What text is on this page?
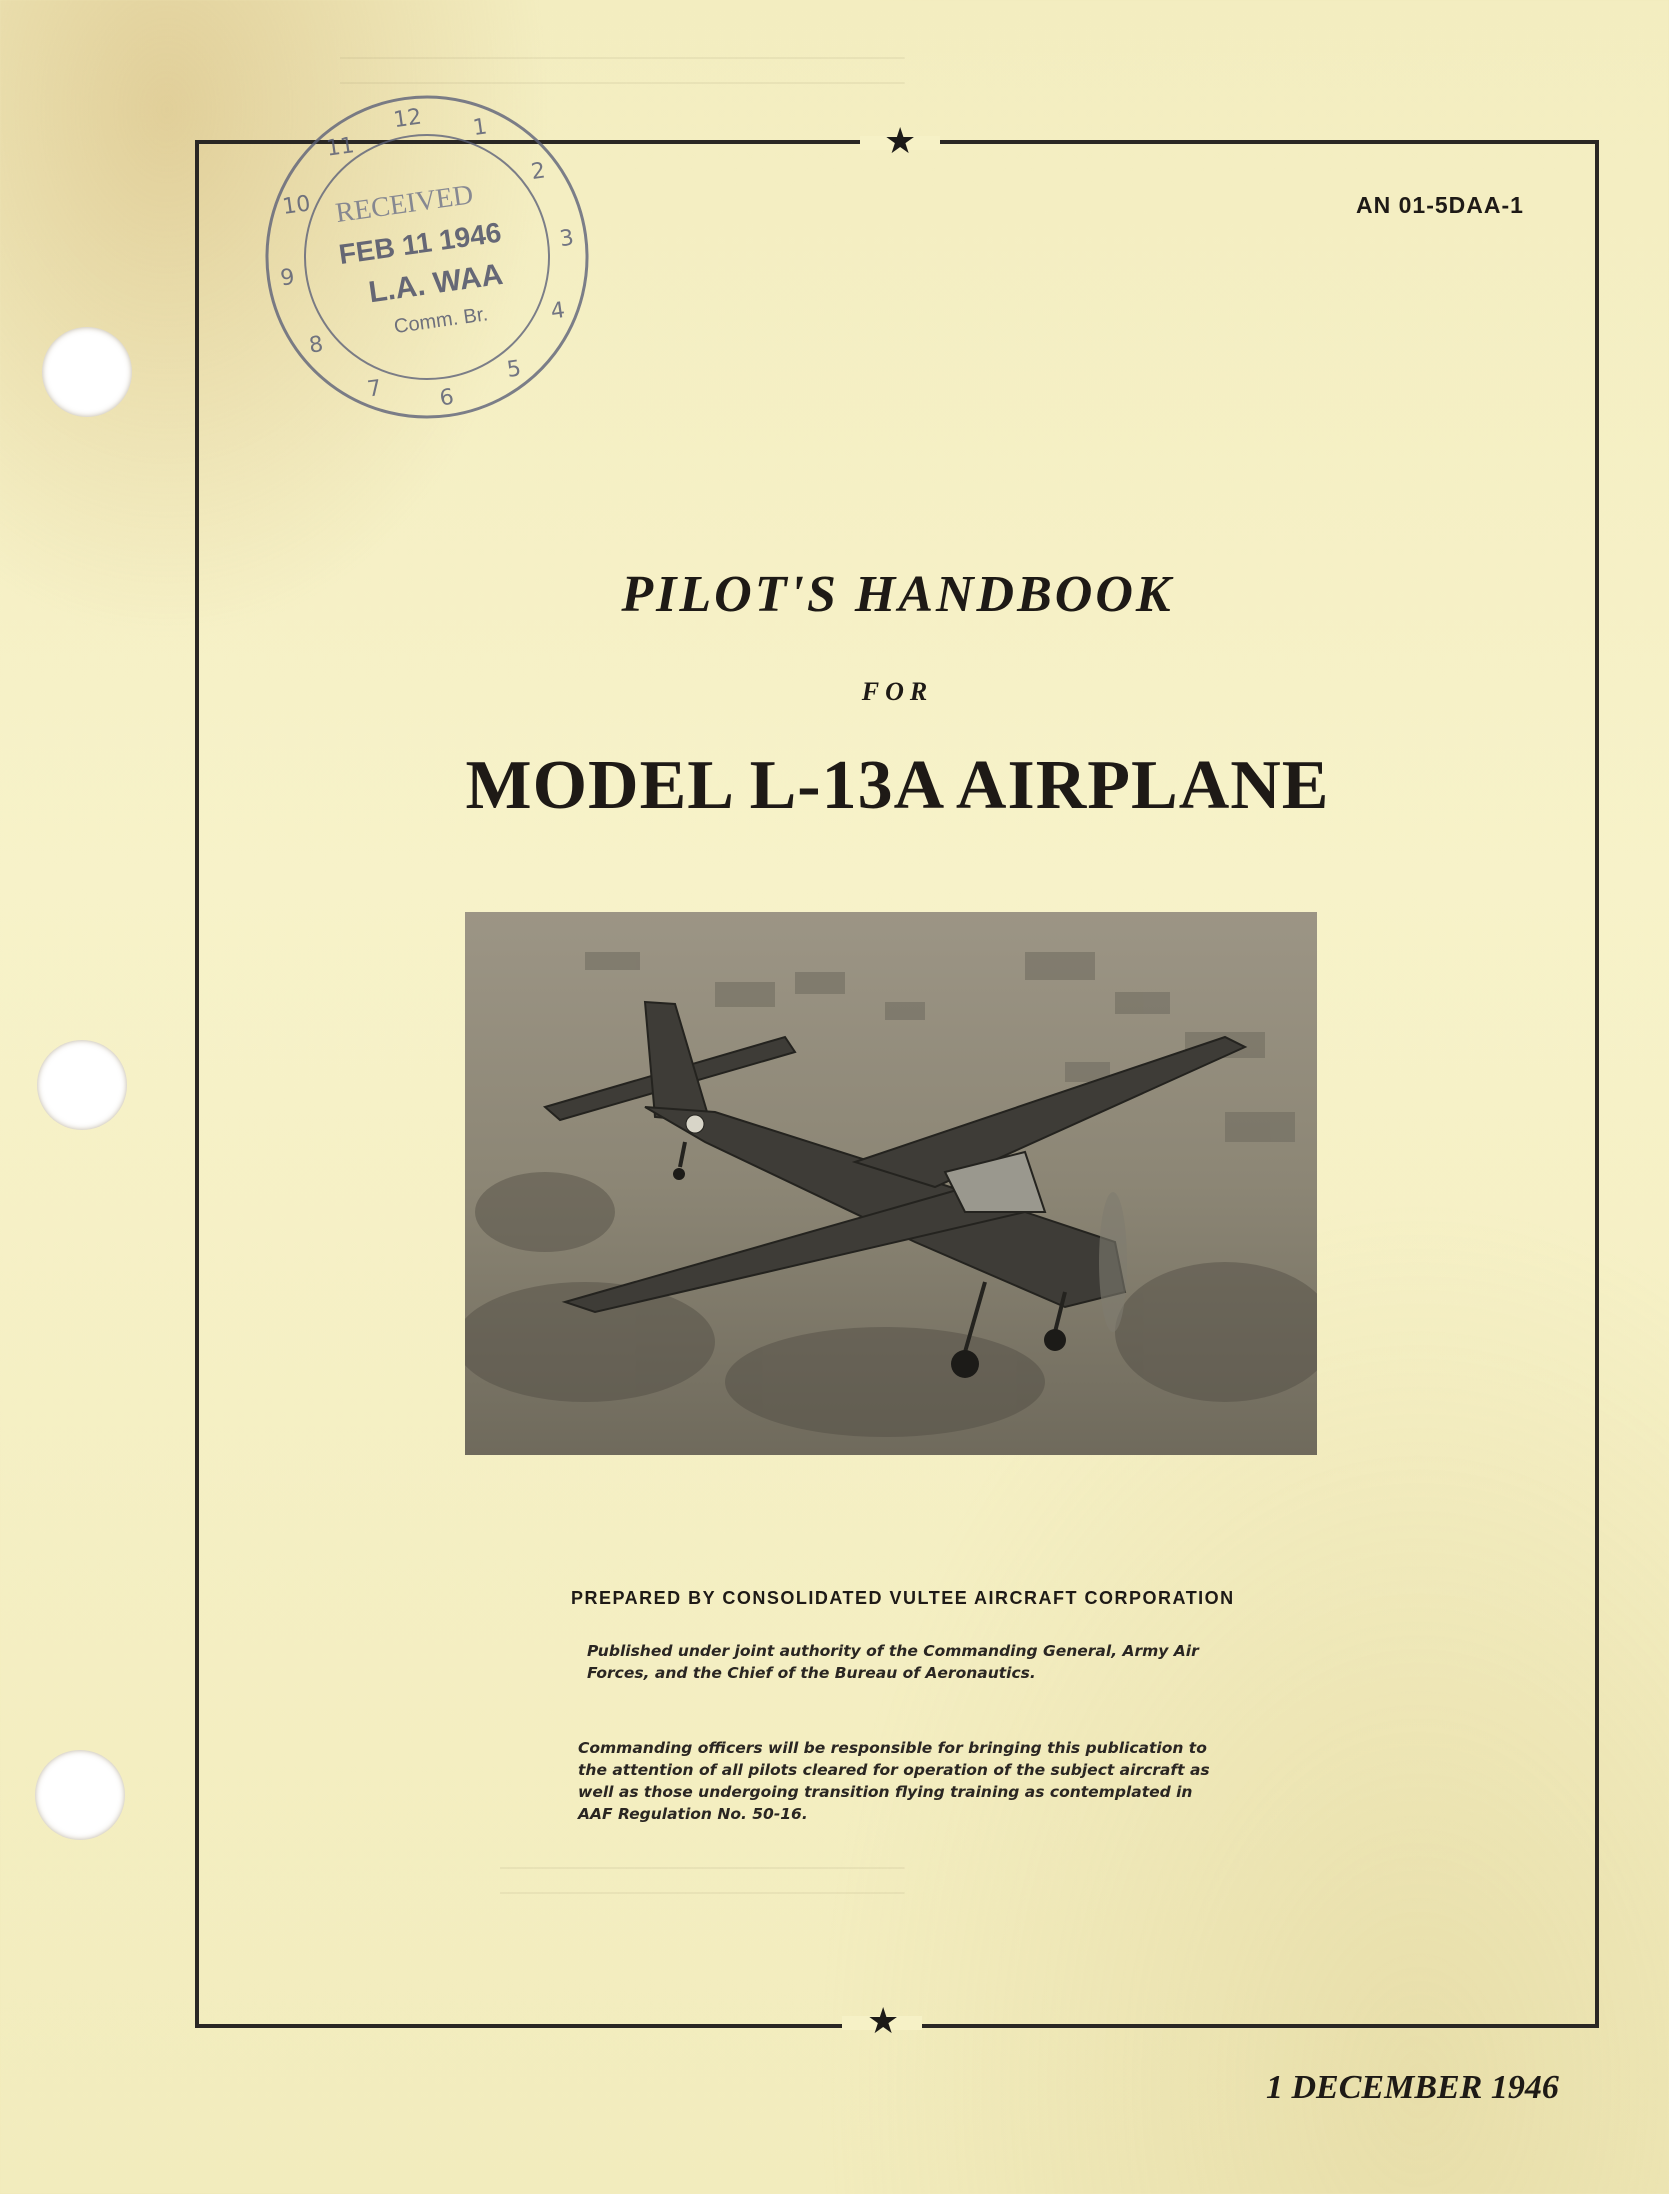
―――――――――――――――――――――――――――――――――――――――――――――――――――――――――――――――――――
―――――――――――――――――――――――――――――――――――――――――――――――――――――――――――――――――――
――――――――――――――――――――――――――――――――――――――――――――――――
――――――――――――――――――――――――――――――――――――――――――――――――
★
★
12 1
2
3
4
5
6
7
8
9
10
11
RECEIVED
FEB 11 1946
L.A. WAA
Comm. Br.
AN 01-5DAA-1
PILOT'S HANDBOOK
FOR
MODEL L-13A AIRPLANE
PREPARED BY CONSOLIDATED VULTEE AIRCRAFT CORPORATION
Published under joint authority of the Commanding General, Army Air Forces, and the Chief of the Bureau of Aeronautics.
Commanding officers will be responsible for bringing this publication to the attention of all pilots cleared for operation of the subject aircraft as well as those undergoing transition flying training as contemplated in AAF Regulation No. 50-16.
1 DECEMBER 1946
